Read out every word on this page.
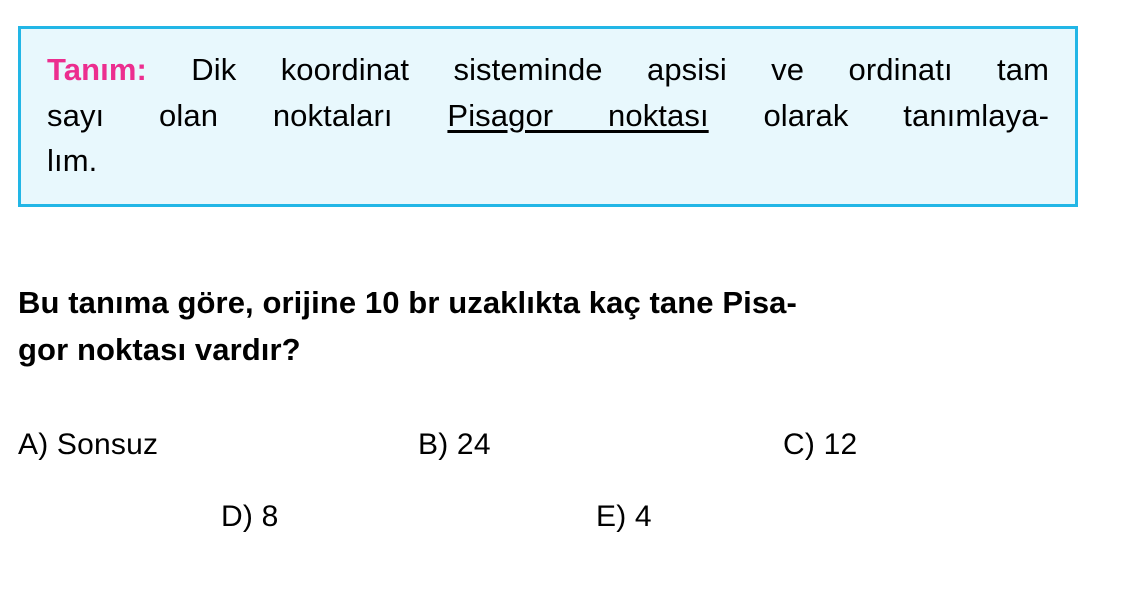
Tanım: Dik koordinat sisteminde apsisi ve ordinatı tam
sayı olan noktaları Pisagor noktası olarak tanımlaya-
lım.
Bu tanıma göre, orijine 10 br uzaklıkta kaç tane Pisa-
gor noktası vardır?
A) Sonsuz	B) 24	C) 12
D) 8	E) 4
